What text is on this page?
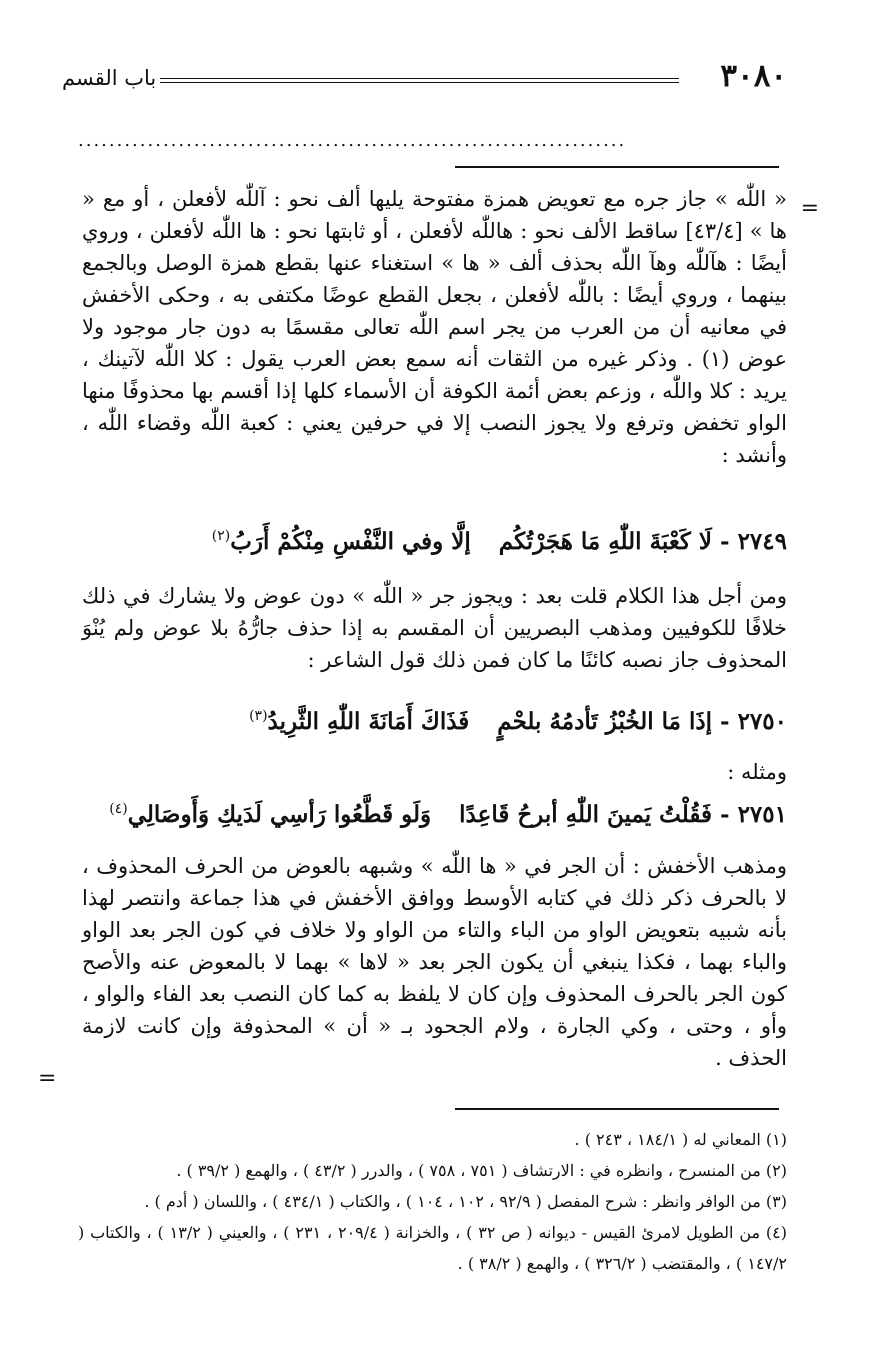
٣٠٨٠
باب القسم
.......................................................................
=

« اللّٰه » جاز جره مع تعويض همزة مفتوحة يليها ألف نحو : آللّٰه لأفعلن ، أو مع « ها » [٤٣/٤] ساقط الألف نحو : هاللّٰه لأفعلن ، أو ثابتها نحو : ها اللّٰه لأفعلن ، وروي أيضًا : هآللّٰه وهآ اللّٰه بحذف ألف « ها » استغناء عنها بقطع همزة الوصل وبالجمع بينهما ، وروي أيضًا : باللّٰه لأفعلن ، بجعل القطع عوضًا مكتفى به ، وحكى الأخفش في معانيه أن من العرب من يجر اسم اللّٰه تعالى مقسمًا به دون جار موجود ولا عوض (١) . وذكر غيره من الثقات أنه سمع بعض العرب يقول : كلا اللّٰه لآتينك ، يريد : كلا واللّٰه ، وزعم بعض أئمة الكوفة أن الأسماء كلها إذا أقسم بها محذوفًا منها الواو تخفض وترفع ولا يجوز النصب إلا في حرفين يعني : كعبة اللّٰه وقضاء اللّٰه ، وأنشد :

٢٧٤٩ -لَا كَعْبَةَ اللّٰهِ مَا هَجَرْتُكُمإلَّا وفي النَّفْسِ مِنْكُمْ أَرَبُ$^{(٢)}$

ومن أجل هذا الكلام قلت بعد : ويجوز جر « اللّٰه » دون عوض ولا يشارك في ذلك خلافًا للكوفيين ومذهب البصريين أن المقسم به إذا حذف جارُّهُ بلا عوض ولم يُنْوَ المحذوف جاز نصبه كائنًا ما كان فمن ذلك قول الشاعر :

٢٧٥٠ -إذَا مَا الخُبْزُ تَأدمُهُ بلحْمٍفَذَاكَ أَمَانَةَ اللّٰهِ الثَّرِيدُ$^{(٣)}$

ومثله :

٢٧٥١ -فَقُلْتُ يَمينَ اللّٰهِ أبرحُ قَاعِدًاوَلَو قَطَّعُوا رَأسِي لَدَيكِ وَأَوصَالِي$^{(٤)}$

ومذهب الأخفش : أن الجر في « ها اللّٰه » وشبهه بالعوض من الحرف المحذوف ، لا بالحرف ذكر ذلك في كتابه الأوسط ووافق الأخفش في هذا جماعة وانتصر لهذا بأنه شبيه بتعويض الواو من الباء والتاء من الواو ولا خلاف في كون الجر بعد الواو والباء بهما ، فكذا ينبغي أن يكون الجر بعد « لاها » بهما لا بالمعوض عنه والأصح كون الجر بالحرف المحذوف وإن كان لا يلفظ به كما كان النصب بعد الفاء والواو ، وأو ، وحتى ، وكي الجارة ، ولام الجحود بـ « أن » المحذوفة وإن كانت لازمة الحذف .

=
(١) المعاني له ( ١٨٤/١ ، ٢٤٣ ) .
(٢) من المنسرح ، وانظره في : الارتشاف ( ٧٥١ ، ٧٥٨ ) ، والدرر ( ٤٣/٢ ) ، والهمع ( ٣٩/٢ ) .
(٣) من الوافر وانظر : شرح المفصل ( ٩٢/٩ ، ١٠٢ ، ١٠٤ ) ، والكتاب ( ٤٣٤/١ ) ، واللسان ( أدم ) .
(٤) من الطويل لامرئ القيس - ديوانه ( ص ٣٢ ) ، والخزانة ( ٢٠٩/٤ ، ٢٣١ ) ، والعيني ( ١٣/٢ ) ، والكتاب ( ١٤٧/٢ ) ، والمقتضب ( ٣٢٦/٢ ) ، والهمع ( ٣٨/٢ ) .
